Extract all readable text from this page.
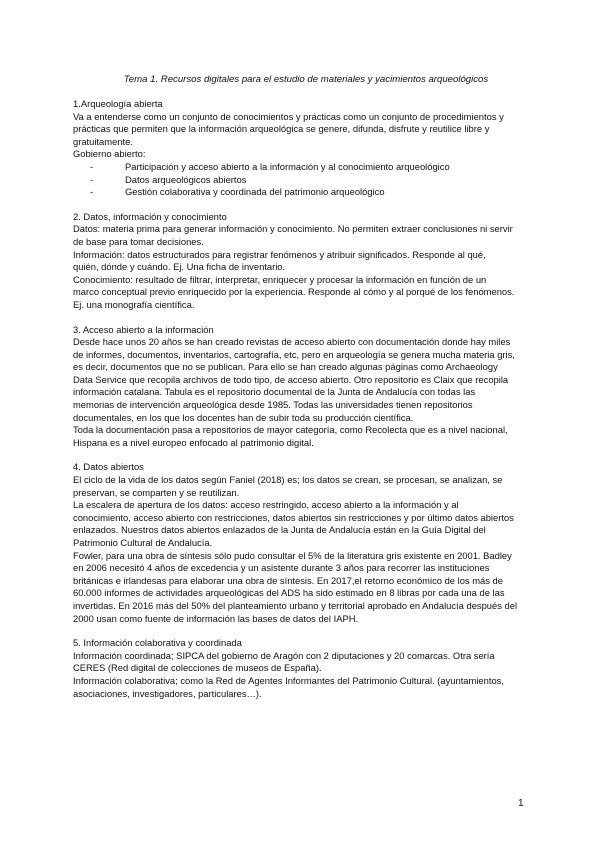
Tema 1. Recursos digitales para el estudio de materiales y yacimientos arqueológicos
1.Arqueología abierta
Va a entenderse como un conjunto de conocimientos y prácticas como un conjunto de procedimientos y
prácticas que permiten que la información arqueológica se genere, difunda, disfrute y reutilice libre y
gratuitamente.
Gobierno abierto:
-	Participación y acceso abierto a la información y al conocimiento arqueológico
-	Datos arqueológicos abiertos
-	Gestión colaborativa y coordinada del patrimonio arqueológico
2. Datos, información y conocimiento
Datos: materia prima para generar información y conocimiento. No permiten extraer conclusiones ni servir
de base para tomar decisiones.
Información: datos estructurados para registrar fenómenos y atribuir significados. Responde al qué,
quién, dónde y cuándo. Ej. Una ficha de inventario.
Conocimiento: resultado de filtrar, interpretar, enriquecer y procesar la información en función de un
marco conceptual previo enriquecido por la experiencia. Responde al cómo y al porqué de los fenómenos.
Ej. una monografía científica.
3. Acceso abierto a la información
Desde hace unos 20 años se han creado revistas de acceso abierto con documentación donde hay miles
de informes, documentos, inventarios, cartografía, etc, pero en arqueología se genera mucha materia gris,
es decir, documentos que no se publican. Para ello se han creado algunas páginas como Archaeology
Data Service que recopila archivos de todo tipo, de acceso abierto. Otro repositorio es Claix que recopila
información catalana. Tabula es el repositorio documental de la Junta de Andalucía con todas las
memorias de intervención arqueológica desde 1985. Todas las universidades tienen repositorios
documentales, en los que los docentes han de subir toda su producción científica.
Toda la documentación pasa a repositorios de mayor categoría, como Recolecta que es a nivel nacional,
Hispana es a nivel europeo enfocado al patrimonio digital.
4. Datos abiertos
El ciclo de la vida de los datos según Faniel (2018) es; los datos se crean, se procesan, se analizan, se
preservan, se comparten y se reutilizan.
La escalera de apertura de los datos: acceso restringido, acceso abierto a la información y al
conocimiento, acceso abierto con restricciones, datos abiertos sin restricciones y por último datos abiertos
enlazados. Nuestros datos abiertos enlazados de la Junta de Andalucía están en la Guía Digital del
Patrimonio Cultural de Andalucía.
Fowler, para una obra de síntesis sólo pudo consultar el 5% de la literatura gris existente en 2001. Badley
en 2006 necesitó 4 años de excedencia y un asistente durante 3 años para recorrer las instituciones
británicas e irlandesas para elaborar una obra de síntesis. En 2017,el retorno económico de los más de
60.000 informes de actividades arqueológicas del ADS ha sido estimado en 8 libras por cada una de las
invertidas. En 2016 más del 50% del planteamiento urbano y territorial aprobado en Andalucía después del
2000 usan como fuente de información las bases de datos del IAPH.
5. Información colaborativa y coordinada
Información coordinada; SIPCA del gobierno de Aragón con 2 diputaciones y 20 comarcas. Otra sería
CERES (Red digital de colecciones de museos de España).
Información colaborativa; como la Red de Agentes Informantes del Patrimonio Cultural. (ayuntamientos,
asociaciones, investigadores, particulares…).
1
